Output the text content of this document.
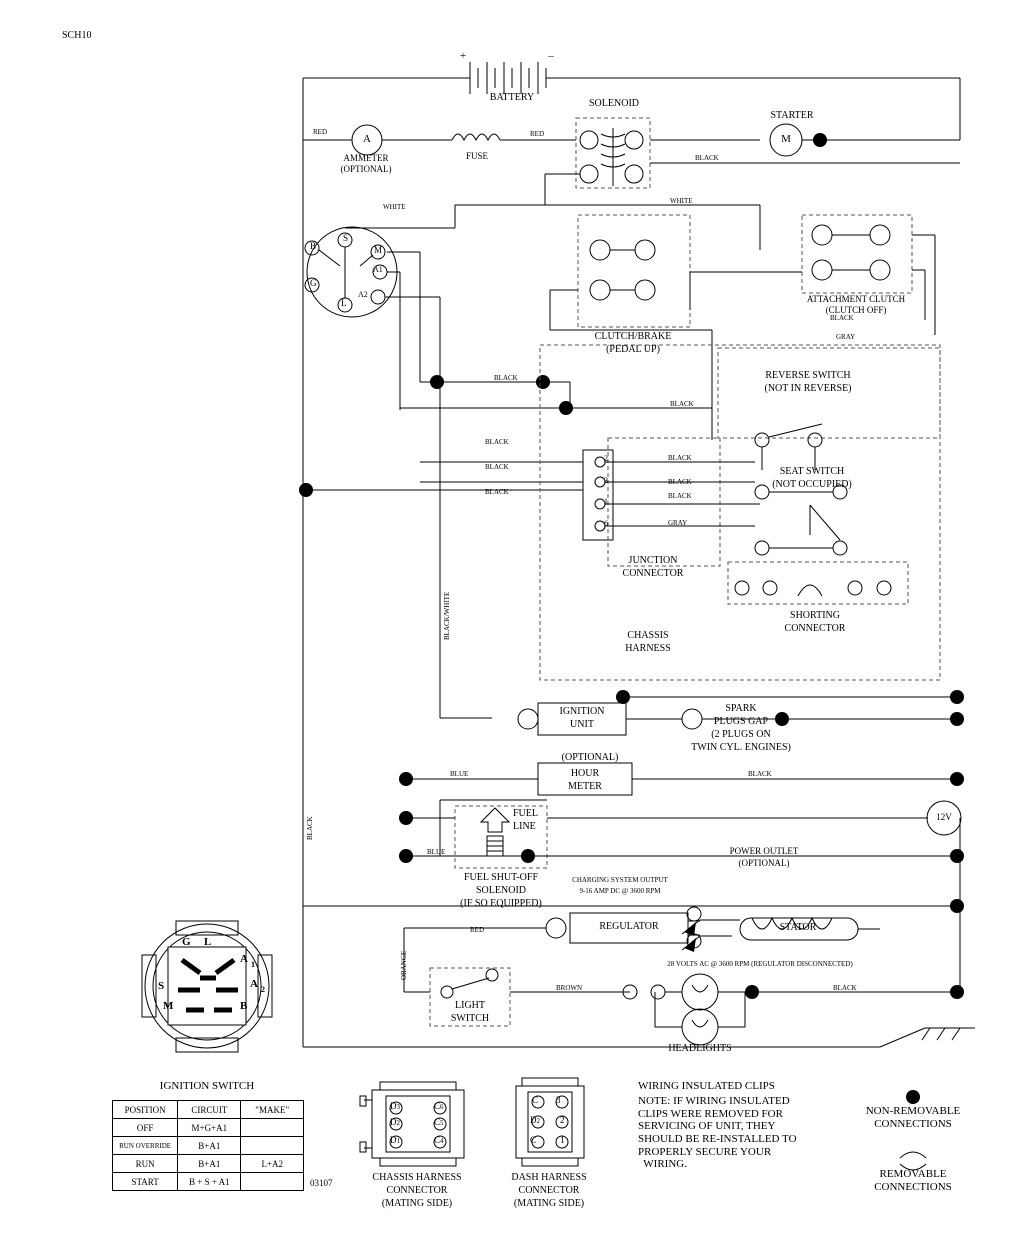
SCH10
+	–
BATTERY
SOLENOID
STARTER
M
A
AMMETER
(OPTIONAL)
FUSE
RED	RED
BLACK
WHITE
WHITE
S
M
B
G
L
A1
A2
CLUTCH/BRAKE
(PEDAL UP)
ATTACHMENT CLUTCH
(CLUTCH OFF)
BLACK
GRAY
BLACK
BLACK
REVERSE SWITCH
(NOT IN REVERSE)
SEAT SWITCH
(NOT OCCUPIED)
BLACK
BLACK
BLACK
BLACK
BLACK
BLACK
GRAY
2
3
1
6
JUNCTION
CONNECTOR
SHORTING
CONNECTOR
CHASSIS
HARNESS
BLACK/WHITE
BLACK
ORANGE
IGNITION
UNIT
SPARK
PLUGS GAP
(2 PLUGS ON
TWIN CYL. ENGINES)
(OPTIONAL)
HOUR
METER
BLUE	BLACK
FUEL
LINE
BLUE
FUEL SHUT-OFF
SOLENOID
(IF SO EQUIPPED)
12V
POWER OUTLET
(OPTIONAL)
CHARGING SYSTEM OUTPUT
9-16 AMP DC @ 3600 RPM
REGULATOR	STATOR
28 VOLTS AC @ 3600 RPM (REGULATOR DISCONNECTED)
RED
LIGHT
SWITCH
BROWN	BLACK
HEADLIGHTS
G L
A 1
A 2
S
M	B
IGNITION SWITCH
POSITION	CIRCUIT	"MAKE"
OFF	M+G+A1	
RUN OVERRIDE	B+A1	
RUN	B+A1	L+A2
START	B + S + A1		03107
D3	C6
D2	C5
D1	C4
3
C
D2 2
C	1
CHASSIS HARNESS
CONNECTOR
(MATING SIDE)
DASH HARNESS
CONNECTOR
(MATING SIDE)
WIRING INSULATED CLIPS
NOTE: IF WIRING INSULATED
CLIPS WERE REMOVED FOR
SERVICING OF UNIT, THEY
SHOULD BE RE-INSTALLED TO
PROPERLY SECURE YOUR
WIRING.
NON-REMOVABLE
CONNECTIONS
REMOVABLE
CONNECTIONS
